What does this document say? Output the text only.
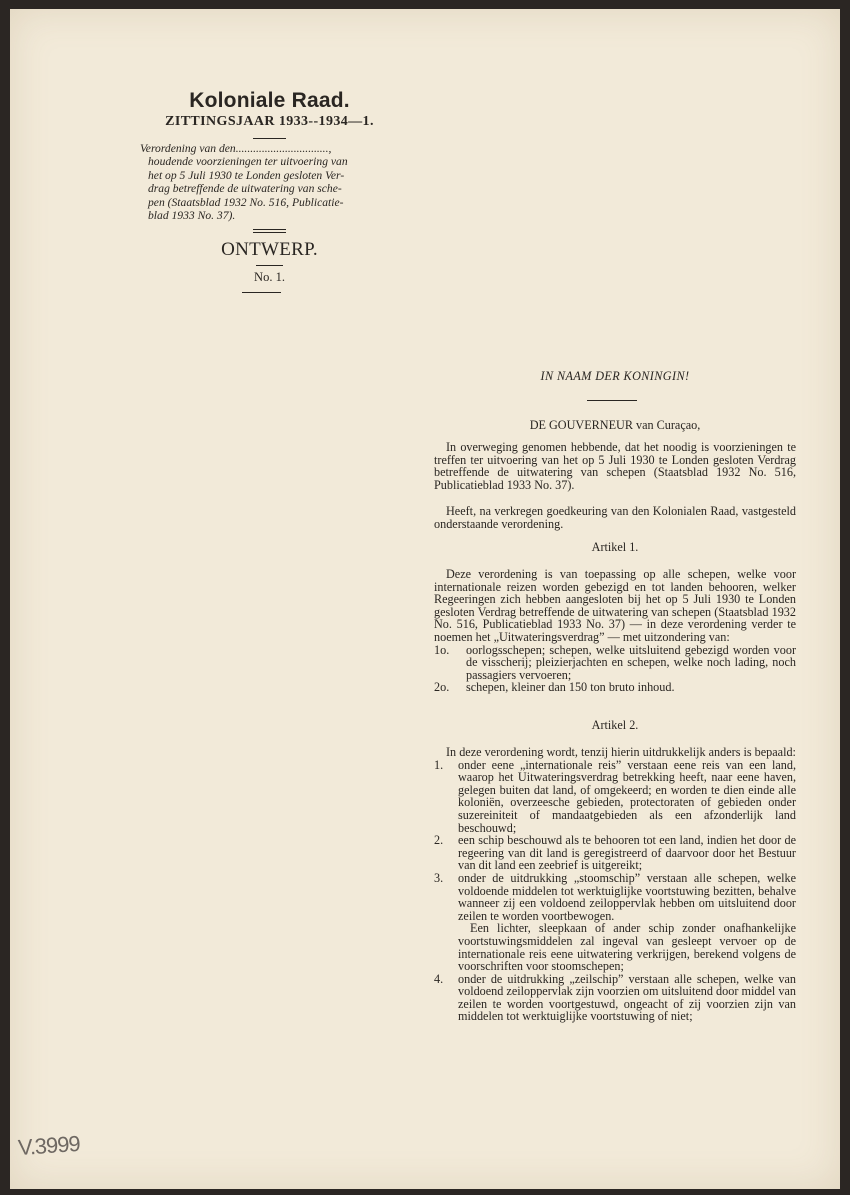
Koloniale Raad.
ZITTINGSJAAR 1933--1934—1.
Verordening van den................................,

houdende voorzieningen ter uitvoering van
het op 5 Juli 1930 te Londen gesloten Ver-
drag betreffende de uitwatering van sche-
pen (Staatsblad 1932 No. 516, Publicatie-
blad 1933 No. 37).
ONTWERP.
No. 1.
IN NAAM DER KONINGIN!
DE GOUVERNEUR van Curaçao,
In overweging genomen hebbende, dat het noodig is voorzieningen te treffen ter uitvoering van het op 5 Juli 1930 te Londen gesloten Verdrag betreffende de uitwatering van schepen (Staatsblad 1932 No. 516, Publicatieblad 1933 No. 37).
Heeft, na verkregen goedkeuring van den Kolonialen Raad, vastgesteld onderstaande verordening.
Artikel 1.
Deze verordening is van toepassing op alle schepen, welke voor internationale reizen worden gebezigd en tot landen behooren, welker Regeeringen zich hebben aangesloten bij het op 5 Juli 1930 te Londen gesloten Verdrag betreffende de uitwatering van schepen (Staatsblad 1932 No. 516, Publicatieblad 1933 No. 37) — in deze verordening verder te noemen het „Uitwateringsverdrag” — met uitzondering van:
1o. oorlogsschepen; schepen, welke uitsluitend gebezigd worden voor de visscherij; pleizierjachten en schepen, welke noch lading, noch passagiers vervoeren;
2o. schepen, kleiner dan 150 ton bruto inhoud.
Artikel 2.
In deze verordening wordt, tenzij hierin uitdrukkelijk anders is bepaald:
1. onder eene „internationale reis” verstaan eene reis van een land, waarop het Uitwateringsverdrag betrekking heeft, naar eene haven, gelegen buiten dat land, of omgekeerd; en worden te dien einde alle koloniën, overzeesche gebieden, protectoraten of gebieden onder suzereiniteit of mandaatgebieden als een afzonderlijk land beschouwd;
2. een schip beschouwd als te behooren tot een land, indien het door de regeering van dit land is geregistreerd of daarvoor door het Bestuur van dit land een zeebrief is uitgereikt;
3. onder de uitdrukking „stoomschip” verstaan alle schepen, welke voldoende middelen tot werktuiglijke voortstuwing bezitten, behalve wanneer zij een voldoend zeiloppervlak hebben om uitsluitend door zeilen te worden voortbewogen.
Een lichter, sleepkaan of ander schip zonder onafhankelijke voortstuwingsmiddelen zal ingeval van gesleept vervoer op de internationale reis eene uitwatering verkrijgen, berekend volgens de voorschriften voor stoomschepen;
4. onder de uitdrukking „zeilschip” verstaan alle schepen, welke van voldoend zeiloppervlak zijn voorzien om uitsluitend door middel van zeilen te worden voortgestuwd, ongeacht of zij voorzien zijn van middelen tot werktuiglijke voortstuwing of niet;
V.3999
